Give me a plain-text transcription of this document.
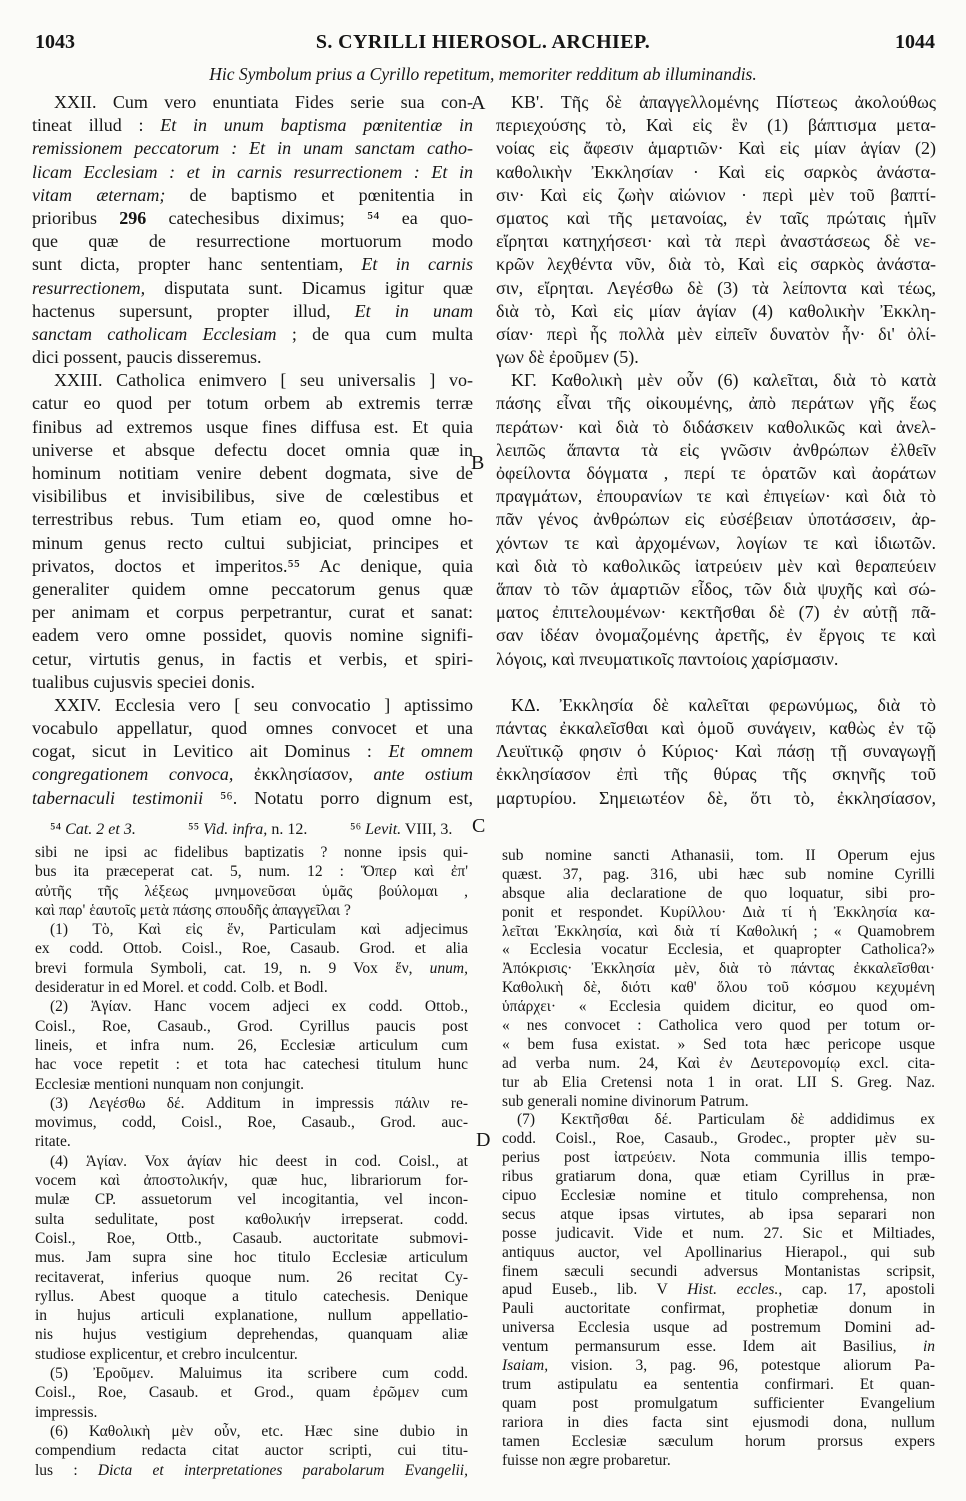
1043	S. CYRILLI HIEROSOL. ARCHIEP.	1044
Hic Symbolum prius a Cyrillo repetitum, memoriter redditum ab illuminandis.
XXII. Cum vero enuntiata Fides serie sua con-
tineat illud : Et in unum baptisma pœnitentiæ in
remissionem peccatorum : Et in unam sanctam catho-
licam Ecclesiam : et in carnis resurrectionem : Et in
vitam æternam; de baptismo et pœnitentia in
prioribus 296 catechesibus diximus; ⁵⁴ ea quo-
que quæ de resurrectione mortuorum modo
sunt dicta, propter hanc sententiam, Et in carnis
resurrectionem, disputata sunt. Dicamus igitur quæ
hactenus supersunt, propter illud, Et in unam
sanctam catholicam Ecclesiam ; de qua cum multa
dici possent, paucis disseremus.
XXIII. Catholica enimvero [ seu universalis ] vo-
catur eo quod per totum orbem ab extremis terræ
finibus ad extremos usque fines diffusa est. Et quia
universe et absque defectu docet omnia quæ in
hominum notitiam venire debent dogmata, sive de
visibilibus et invisibilibus, sive de cœlestibus et
terrestribus rebus. Tum etiam eo, quod omne ho-
minum genus recto cultui subjiciat, principes et
privatos, doctos et imperitos.⁵⁵ Ac denique, quia
generaliter quidem omne peccatorum genus quæ
per animam et corpus perpetrantur, curat et sanat:
eadem vero omne possidet, quovis nomine signifi-
cetur, virtutis genus, in factis et verbis, et spiri-
tualibus cujusvis speciei donis.
XXIV. Ecclesia vero [ seu convocatio ] aptissimo
vocabulo appellatur, quod omnes convocet et una
cogat, sicut in Levitico ait Dominus : Et omnem
congregationem convoca, ἐκκλησίασον, ante ostium
tabernaculi testimonii ⁵⁶. Notatu porro dignum est,
ΚΒ'. Τῆς δὲ ἀπαγγελλομένης Πίστεως ἀκολούθως
περιεχούσης τὸ, Καὶ εἰς ἓν (1) βάπτισμα μετα-
νοίας εἰς ἄφεσιν ἁμαρτιῶν· Καὶ εἰς μίαν ἁγίαν (2)
καθολικὴν Ἐκκλησίαν · Καὶ εἰς σαρκὸς ἀνάστα-
σιν· Καὶ εἰς ζωὴν αἰώνιον · περὶ μὲν τοῦ βαπτί-
σματος καὶ τῆς μετανοίας, ἐν ταῖς πρώταις ἡμῖν
εἴρηται κατηχήσεσι· καὶ τὰ περὶ ἀναστάσεως δὲ νε-
κρῶν λεχθέντα νῦν, διὰ τὸ, Καὶ εἰς σαρκὸς ἀνάστα-
σιν, εἴρηται. Λεγέσθω δὲ (3) τὰ λείποντα καὶ τέως,
διὰ τὸ, Καὶ εἰς μίαν ἁγίαν (4) καθολικὴν Ἐκκλη-
σίαν· περὶ ἧς πολλὰ μὲν εἰπεῖν δυνατὸν ἦν· δι' ὀλί-
γων δὲ ἐροῦμεν (5).
ΚΓ. Καθολικὴ μὲν οὖν (6) καλεῖται, διὰ τὸ κατὰ
πάσης εἶναι τῆς οἰκουμένης, ἀπὸ περάτων γῆς ἕως
περάτων· καὶ διὰ τὸ διδάσκειν καθολικῶς καὶ ἀνελ-
λειπῶς ἅπαντα τὰ εἰς γνῶσιν ἀνθρώπων ἐλθεῖν
ὀφείλοντα δόγματα , περί τε ὁρατῶν καὶ ἀοράτων
πραγμάτων, ἐπουρανίων τε καὶ ἐπιγείων· καὶ διὰ τὸ
πᾶν γένος ἀνθρώπων εἰς εὐσέβειαν ὑποτάσσειν, ἀρ-
χόντων τε καὶ ἀρχομένων, λογίων τε καὶ ἰδιωτῶν.
καὶ διὰ τὸ καθολικῶς ἰατρεύειν μὲν καὶ θεραπεύειν
ἅπαν τὸ τῶν ἁμαρτιῶν εἶδος, τῶν διὰ ψυχῆς καὶ σώ-
ματος ἐπιτελουμένων· κεκτῆσθαι δὲ (7) ἐν αὐτῇ πᾶ-
σαν ἰδέαν ὀνομαζομένης ἀρετῆς, ἐν ἔργοις τε καὶ
λόγοις, καὶ πνευματικοῖς παντοίοις χαρίσμασιν.
ΚΔ. Ἐκκλησία δὲ καλεῖται φερωνύμως, διὰ τὸ
πάντας ἐκκαλεῖσθαι καὶ ὁμοῦ συνάγειν, καθὼς ἐν τῷ
Λευϊτικῷ φησιν ὁ Κύριος· Καὶ πάσῃ τῇ συναγωγῇ
ἐκκλησίασον ἐπὶ τῆς θύρας τῆς σκηνῆς τοῦ
μαρτυρίου. Σημειωτέον δὲ, ὅτι τὸ, ἐκκλησίασον,
A
B
C
D
⁵⁴ Cat. 2 et 3.	⁵⁵ Vid. infra, n. 12.	⁵⁶ Levit. VIII, 3.
sibi ne ipsi ac fidelibus baptizatis ? nonne ipsis qui-
bus ita præceperat cat. 5, num. 12 : Ὅπερ καὶ ἐπ'
αὐτῆς τῆς λέξεως μνημονεῦσαι ὑμᾶς βούλομαι ,
καὶ παρ' ἑαυτοῖς μετὰ πάσης σπουδῆς ἀπαγγεῖλαι ?
(1) Τὸ, Καὶ εἰς ἕν, Particulam καὶ adjecimus
ex codd. Ottob. Coisl., Roe, Casaub. Grod. et alia
brevi formula Symboli, cat. 19, n. 9 Vox ἕν, unum,
desideratur in ed Morel. et codd. Colb. et Bodl.
(2) Ἁγίαν. Hanc vocem adjeci ex codd. Ottob.,
Coisl., Roe, Casaub., Grod. Cyrillus paucis post
lineis, et infra num. 26, Ecclesiæ articulum cum
hac voce repetit : et tota hac catechesi titulum hunc
Ecclesiæ mentioni nunquam non conjungit.
(3) Λεγέσθω δέ. Additum in impressis πάλιν re-
movimus, codd, Coisl., Roe, Casaub., Grod. auc-
ritate.
(4) Ἁγίαν. Vox ἁγίαν hic deest in cod. Coisl., at
vocem καὶ ἀποστολικήν, quæ huc, librariorum for-
mulæ CP. assuetorum vel incogitantia, vel incon-
sulta sedulitate, post καθολικήν irrepserat. codd.
Coisl., Roe, Ottb., Casaub. auctoritate submovi-
mus. Jam supra sine hoc titulo Ecclesiæ articulum
recitaverat, inferius quoque num. 26 recitat Cy-
ryllus. Abest quoque a titulo catechesis. Denique
in hujus articuli explanatione, nullum appellatio-
nis hujus vestigium deprehendas, quanquam aliæ
studiose explicentur, et crebro inculcentur.
(5) Ἐροῦμεν. Maluimus ita scribere cum codd.
Coisl., Roe, Casaub. et Grod., quam ἐρῶμεν cum
impressis.
(6) Καθολικὴ μὲν οὖν, etc. Hæc sine dubio in
compendium redacta citat auctor scripti, cui titu-
lus : Dicta et interpretationes parabolarum Evangelii,
sub nomine sancti Athanasii, tom. II Operum ejus
quæst. 37, pag. 316, ubi hæc sub nomine Cyrilli
absque alia declaratione de quo loquatur, sibi pro-
ponit et respondet. Κυρίλλου· Διὰ τί ἡ Ἐκκλησία κα-
λεῖται Ἐκκλησία, καὶ διὰ τί Καθολική ; « Quamobrem
« Ecclesia vocatur Ecclesia, et quapropter Catholica?»
Ἀπόκρισις· Ἐκκλησία μὲν, διὰ τὸ πάντας ἐκκαλεῖσθαι·
Καθολικὴ δὲ, διότι καθ' ὅλου τοῦ κόσμου κεχυμένη
ὑπάρχει· « Ecclesia quidem dicitur, eo quod om-
« nes convocet : Catholica vero quod per totum or-
« bem fusa existat. » Sed tota hæc pericope usque
ad verba num. 24, Καὶ ἐν Δευτερονομίῳ excl. cita-
tur ab Elia Cretensi nota 1 in orat. LII S. Greg. Naz.
sub generali nomine divinorum Patrum.
(7) Κεκτῆσθαι δέ. Particulam δὲ addidimus ex
codd. Coisl., Roe, Casaub., Grodec., propter μὲν su-
perius post ἰατρεύειν. Nota communia illis tempo-
ribus gratiarum dona, quæ etiam Cyrillus in præ-
cipuo Ecclesiæ nomine et titulo comprehensa, non
secus atque ipsas virtutes, ab ipsa separari non
posse judicavit. Vide et num. 27. Sic et Miltiades,
antiquus auctor, vel Apollinarius Hierapol., qui sub
finem sæculi secundi adversus Montanistas scripsit,
apud Euseb., lib. V Hist. eccles., cap. 17, apostoli
Pauli auctoritate confirmat, prophetiæ donum in
universa Ecclesia usque ad postremum Domini ad-
ventum permansurum esse. Idem ait Basilius, in
Isaiam, vision. 3, pag. 96, potestque aliorum Pa-
trum astipulatu ea sententia confirmari. Et quan-
quam post promulgatum sufficienter Evangelium
rariora in dies facta sint ejusmodi dona, nullum
tamen Ecclesiæ sæculum horum prorsus expers
fuisse non ægre probaretur.
